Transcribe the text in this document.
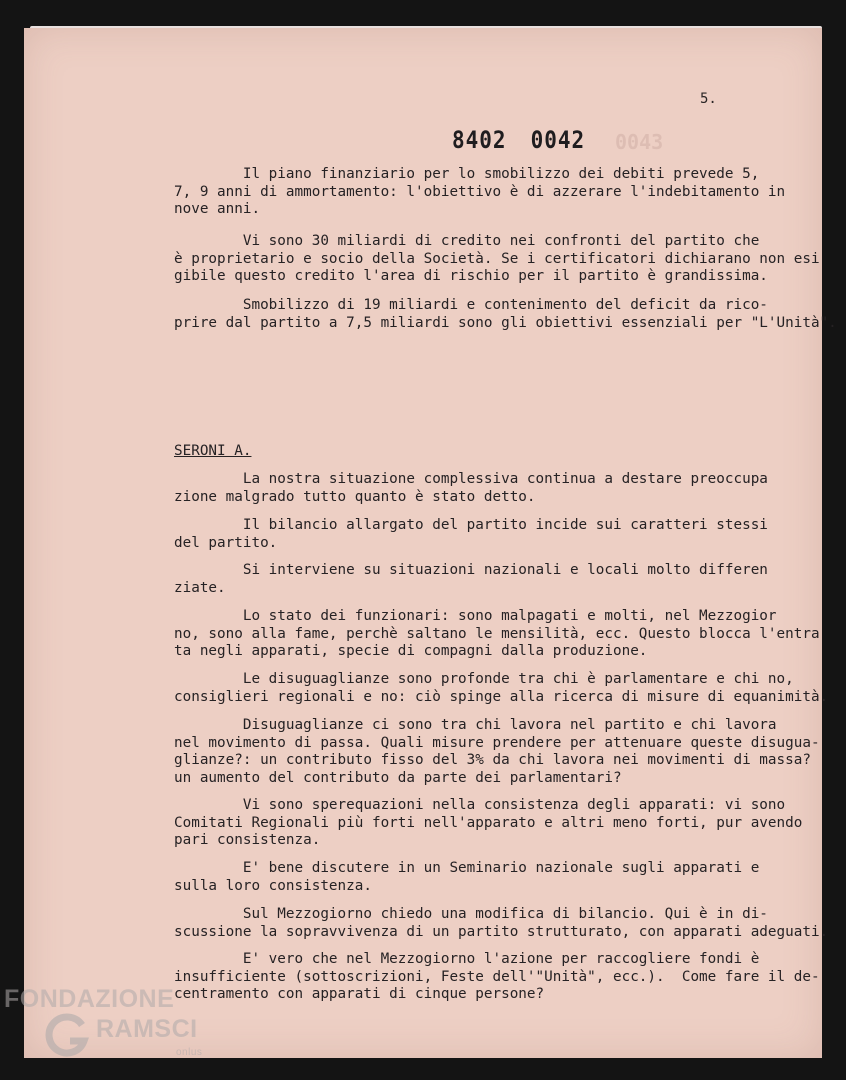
5.
0043
8402 0042
Il piano finanziario per lo smobilizzo dei debiti prevede 5,
7, 9 anni di ammortamento: l'obiettivo è di azzerare l'indebitamento in
nove anni.
Vi sono 30 miliardi di credito nei confronti del partito che
è proprietario e socio della Società. Se i certificatori dichiarano non esi
gibile questo credito l'area di rischio per il partito è grandissima.
Smobilizzo di 19 miliardi e contenimento del deficit da rico-
prire dal partito a 7,5 miliardi sono gli obiettivi essenziali per "L'Unità".
SERONI A.
La nostra situazione complessiva continua a destare preoccupa
zione malgrado tutto quanto è stato detto.
Il bilancio allargato del partito incide sui caratteri stessi
del partito.
Si interviene su situazioni nazionali e locali molto differen
ziate.
Lo stato dei funzionari: sono malpagati e molti, nel Mezzogior
no, sono alla fame, perchè saltano le mensilità, ecc. Questo blocca l'entra
ta negli apparati, specie di compagni dalla produzione.
Le disuguaglianze sono profonde tra chi è parlamentare e chi no,
consiglieri regionali e no: ciò spinge alla ricerca di misure di equanimità.
Disuguaglianze ci sono tra chi lavora nel partito e chi lavora
nel movimento di passa. Quali misure prendere per attenuare queste disugua-
glianze?: un contributo fisso del 3% da chi lavora nei movimenti di massa?
un aumento del contributo da parte dei parlamentari?
Vi sono sperequazioni nella consistenza degli apparati: vi sono
Comitati Regionali più forti nell'apparato e altri meno forti, pur avendo
pari consistenza.
E' bene discutere in un Seminario nazionale sugli apparati e
sulla loro consistenza.
Sul Mezzogiorno chiedo una modifica di bilancio. Qui è in di-
scussione la sopravvivenza di un partito strutturato, con apparati adeguati.
E' vero che nel Mezzogiorno l'azione per raccogliere fondi è
insufficiente (sottoscrizioni, Feste dell'"Unità", ecc.).  Come fare il de-
centramento con apparati di cinque persone?
FONDAZIONE
RAMSCI
onlus
